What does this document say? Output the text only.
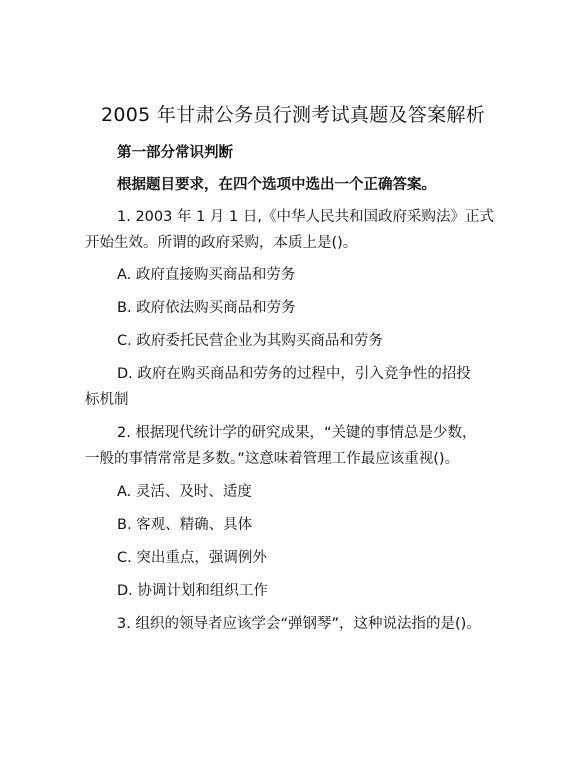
2005 年甘肃公务员行测考试真题及答案解析
第一部分常识判断
根据题目要求，在四个选项中选出一个正确答案。
1. 2003 年 1 月 1 日,《中华人民共和国政府采购法》正式
开始生效。所谓的政府采购，本质上是()。
A. 政府直接购买商品和劳务
B. 政府依法购买商品和劳务
C. 政府委托民营企业为其购买商品和劳务
D. 政府在购买商品和劳务的过程中，引入竞争性的招投
标机制
2. 根据现代统计学的研究成果，“关键的事情总是少数，
一般的事情常常是多数。”这意味着管理工作最应该重视()。
A. 灵活、及时、适度
B. 客观、精确、具体
C. 突出重点，强调例外
D. 协调计划和组织工作
3. 组织的领导者应该学会“弹钢琴”，这种说法指的是()。
